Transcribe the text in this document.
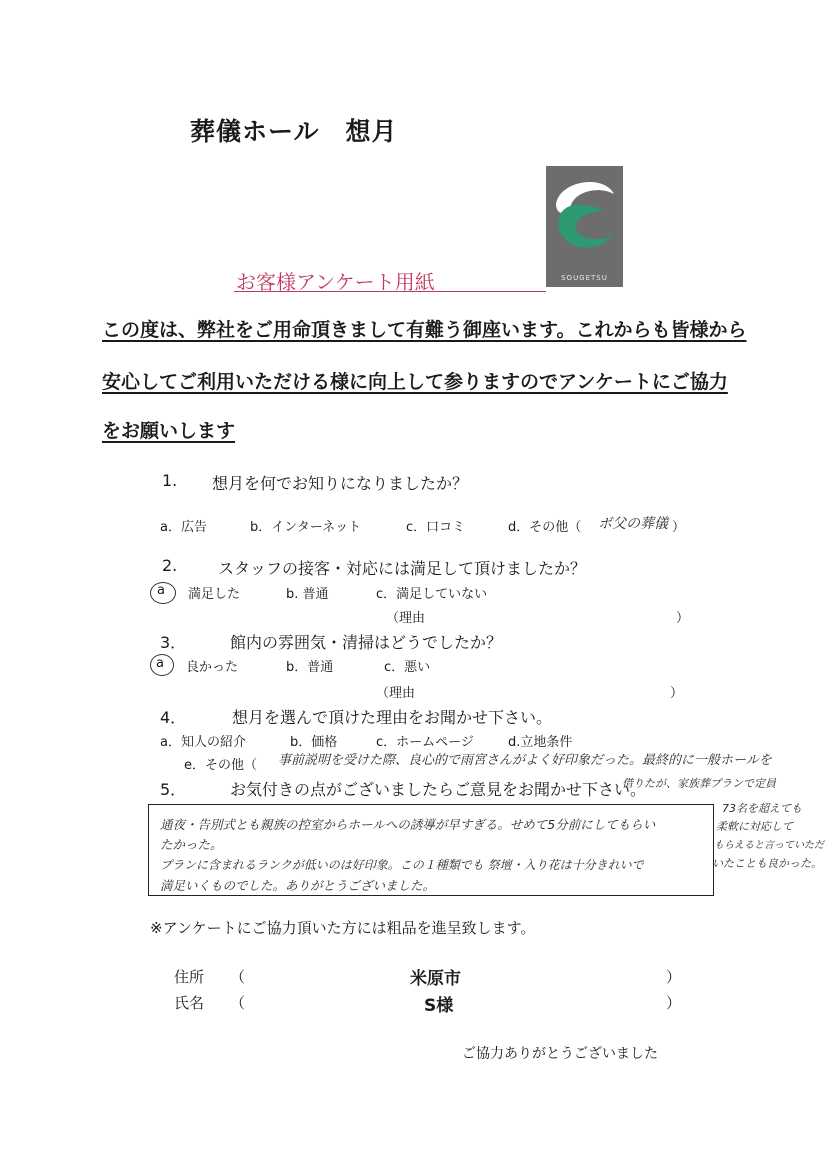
葬儀ホール　想月
SOUGETSU
お客様アンケート用紙
この度は、弊社をご用命頂きまして有難う御座います。これからも皆様から
安心してご利用いただける様に向上して参りますのでアンケートにご協力
をお願いします
1. 想月を何でお知りになりましたか？
a．広告	b．インターネット	c．口コミ	d．その他（ ボ父の葬儀 ）
2.	スタッフの接客・対応には満足して頂けましたか？
a 満足した	b. 普通	c．満足していない
（理由	）
3．	館内の雰囲気・清掃はどうでしたか？
a 良かった	b．普通	c．悪い
（理由	）
4．	想月を選んで頂けた理由をお聞かせ下さい。
a．知人の紹介	b．価格	c．ホームページ	d.立地条件
e．その他（ 事前説明を受けた際、良心的で雨宮さんがよく好印象だった。最終的に一般ホールを
5．	お気付きの点がございましたらご意見をお聞かせ下さい。
借りたが、家族葬プランで定員
73名を超えても
柔軟に対応して
もらえると言っていただ
いたことも良かった。
通夜・告別式とも親族の控室からホールへの誘導が早すぎる。せめて5分前にしてもらい
たかった。
プランに含まれるランクが低いのは好印象。この１種類でも 祭壇・入り花は十分きれいで
満足いくものでした。ありがとうございました。
※アンケートにご協力頂いた方には粗品を進呈致します。
住所 （	米原市	）
氏名 （	S様	）
ご協力ありがとうございました
